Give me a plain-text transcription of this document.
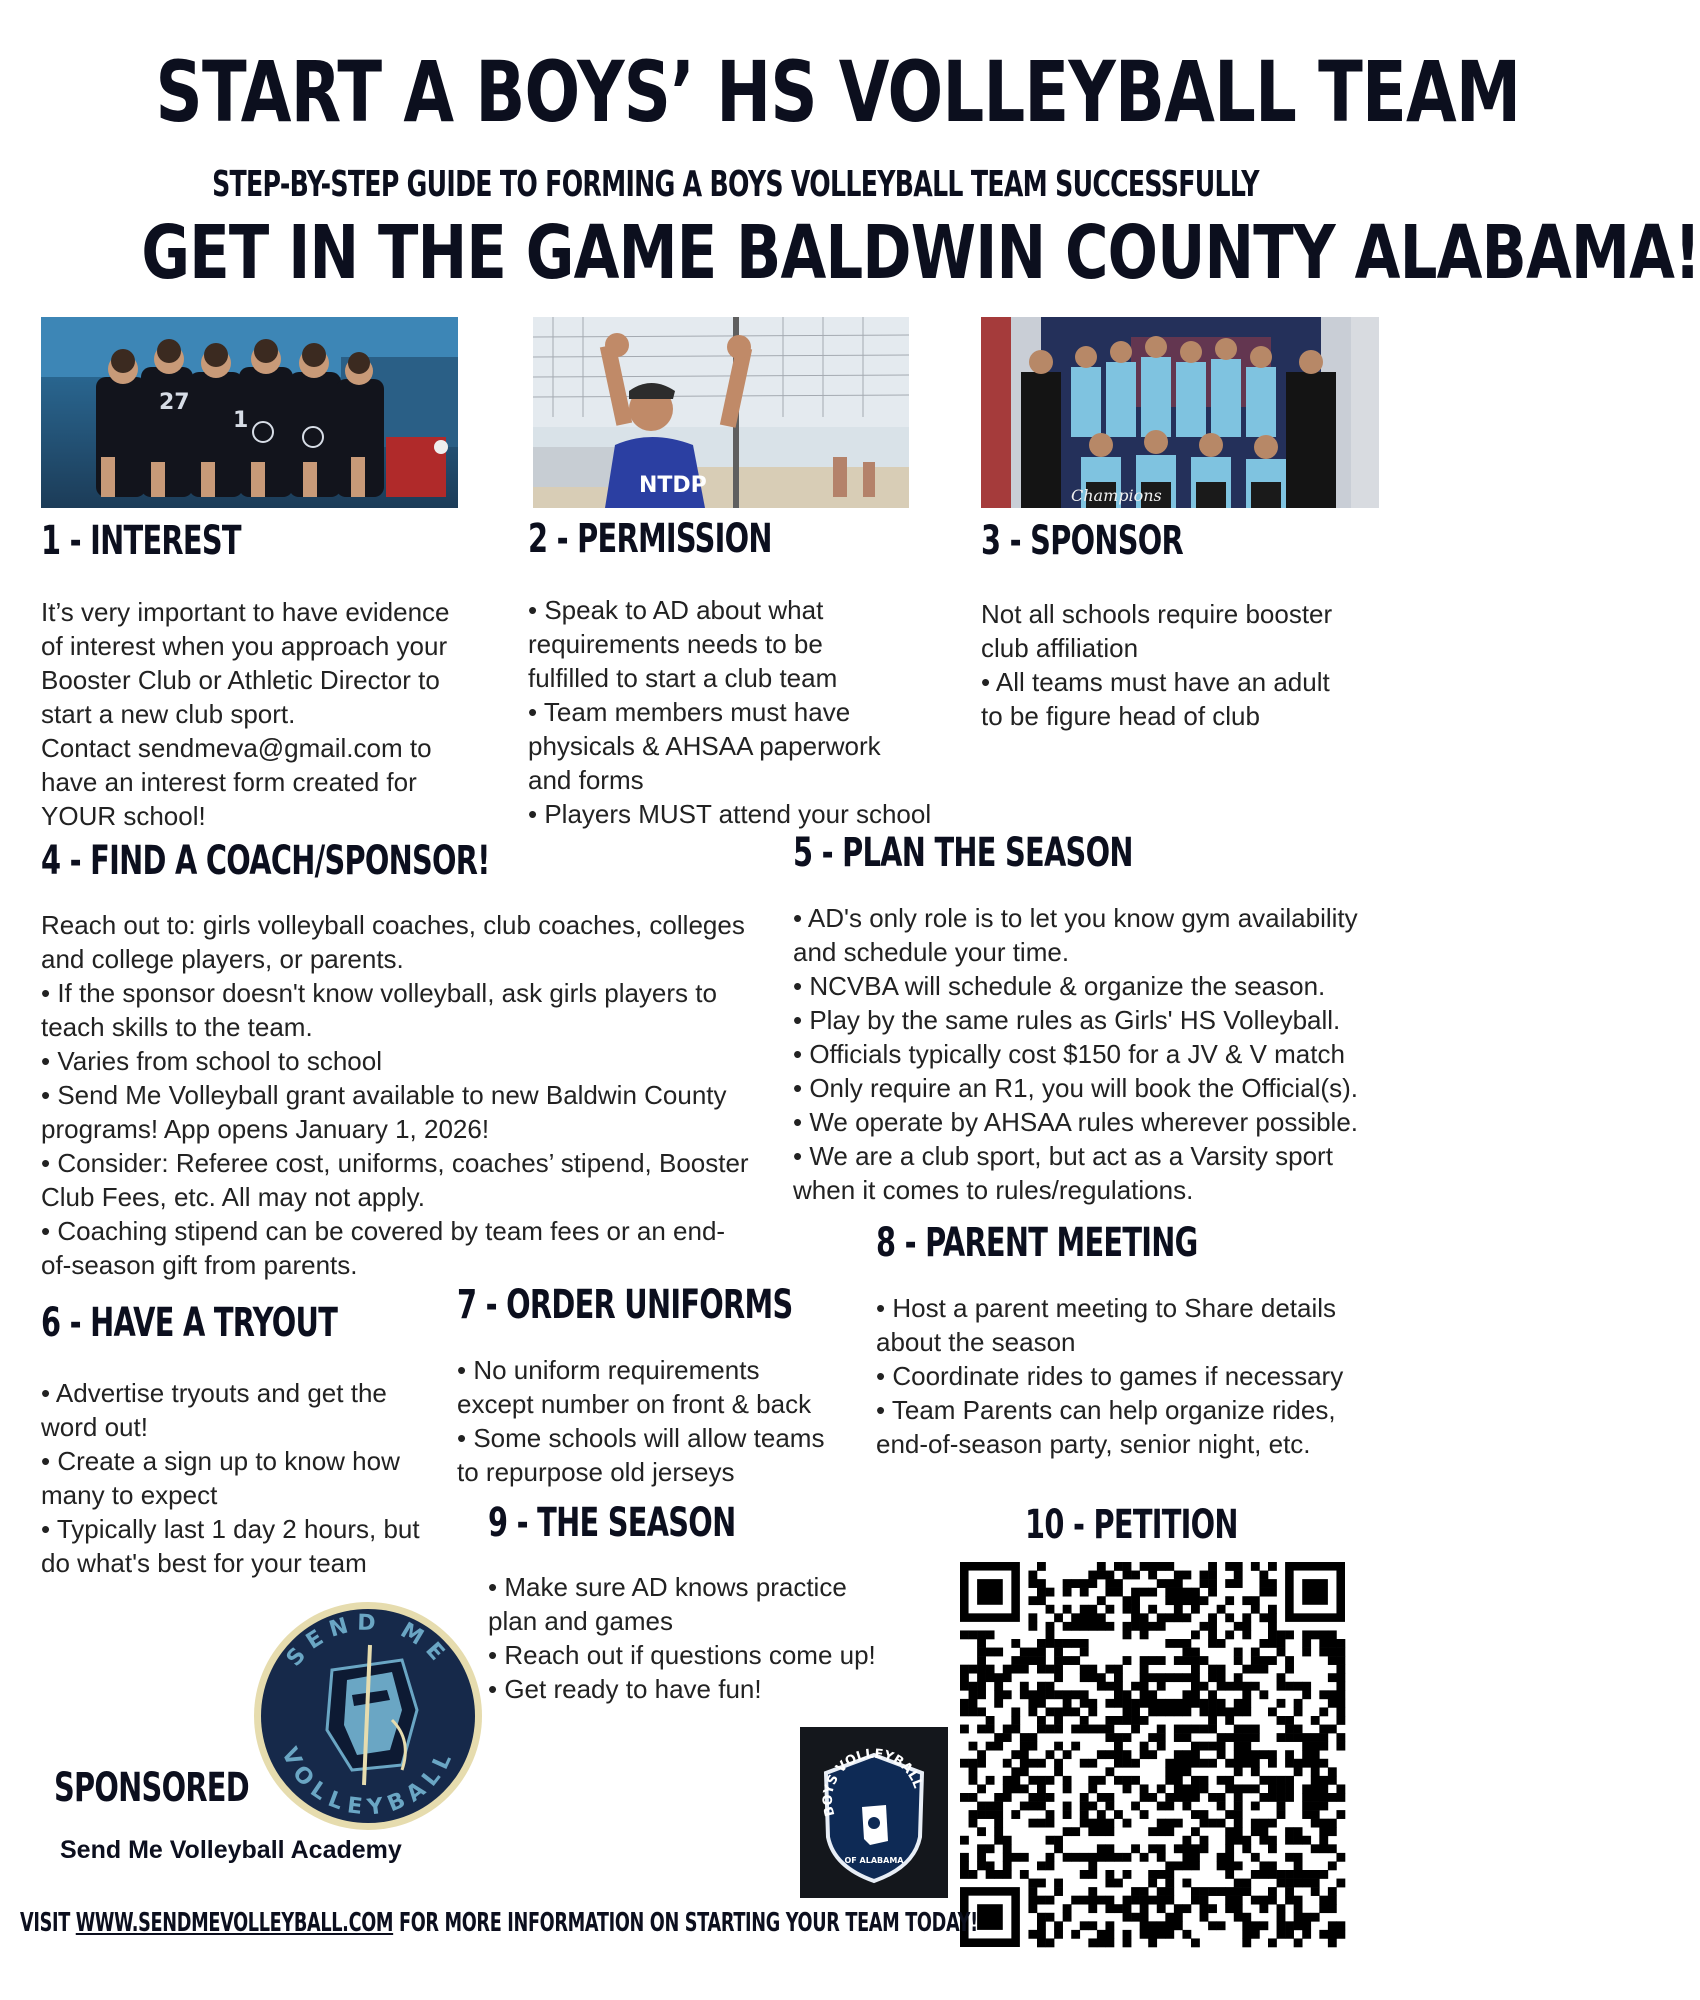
START A BOYS’ HS VOLLEYBALL TEAM
STEP-BY-STEP GUIDE TO FORMING A BOYS VOLLEYBALL TEAM SUCCESSFULLY
GET IN THE GAME BALDWIN COUNTY ALABAMA!
27
1
NTDP	Champions
1 - INTEREST

It’s very important to have evidence

of interest when you approach your

Booster Club or Athletic Director to

start a new club sport.

Contact sendmeva@gmail.com to

have an interest form created for

YOUR school!

2 - PERMISSION

• Speak to AD about what

requirements needs to be

fulfilled to start a club team

• Team members must have

physicals & AHSAA paperwork

and forms

• Players MUST attend your school

3 - SPONSOR

Not all schools require booster

club affiliation

• All teams must have an adult

to be figure head of club

4 - FIND A COACH/SPONSOR!

Reach out to: girls volleyball coaches, club coaches, colleges

and college players, or parents.

• If the sponsor doesn't know volleyball, ask girls players to

teach skills to the team.

• Varies from school to school

• Send Me Volleyball grant available to new Baldwin County

programs! App opens January 1, 2026!

• Consider: Referee cost, uniforms, coaches’ stipend, Booster

Club Fees, etc. All may not apply.

• Coaching stipend can be covered by team fees or an end-

of-season gift from parents.

5 - PLAN THE SEASON

• AD's only role is to let you know gym availability

and schedule your time.

• NCVBA will schedule & organize the season.

• Play by the same rules as Girls' HS Volleyball.

• Officials typically cost $150 for a JV & V match

• Only require an R1, you will book the Official(s).

• We operate by AHSAA rules wherever possible.

• We are a club sport, but act as a Varsity sport

when it comes to rules/regulations.

6 - HAVE A TRYOUT

• Advertise tryouts and get the

word out!

• Create a sign up to know how

many to expect

• Typically last 1 day 2 hours, but

do what's best for your team

7 - ORDER UNIFORMS

• No uniform requirements

except number on front & back

• Some schools will allow teams

to repurpose old jerseys

8 - PARENT MEETING

• Host a parent meeting to Share details

about the season

• Coordinate rides to games if necessary

• Team Parents can help organize rides,

end-of-season party, senior night, etc.

9 - THE SEASON

• Make sure AD knows practice

plan and games

• Reach out if questions come up!

• Get ready to have fun!

10 - PETITION
SEND ME
VOLLEYBALL
BOYS VOLLEYBALL
OF ALABAMA
SPONSORED
Send Me Volleyball Academy
VISIT WWW.SENDMEVOLLEYBALL.COM FOR MORE INFORMATION ON STARTING YOUR TEAM TODAY!
